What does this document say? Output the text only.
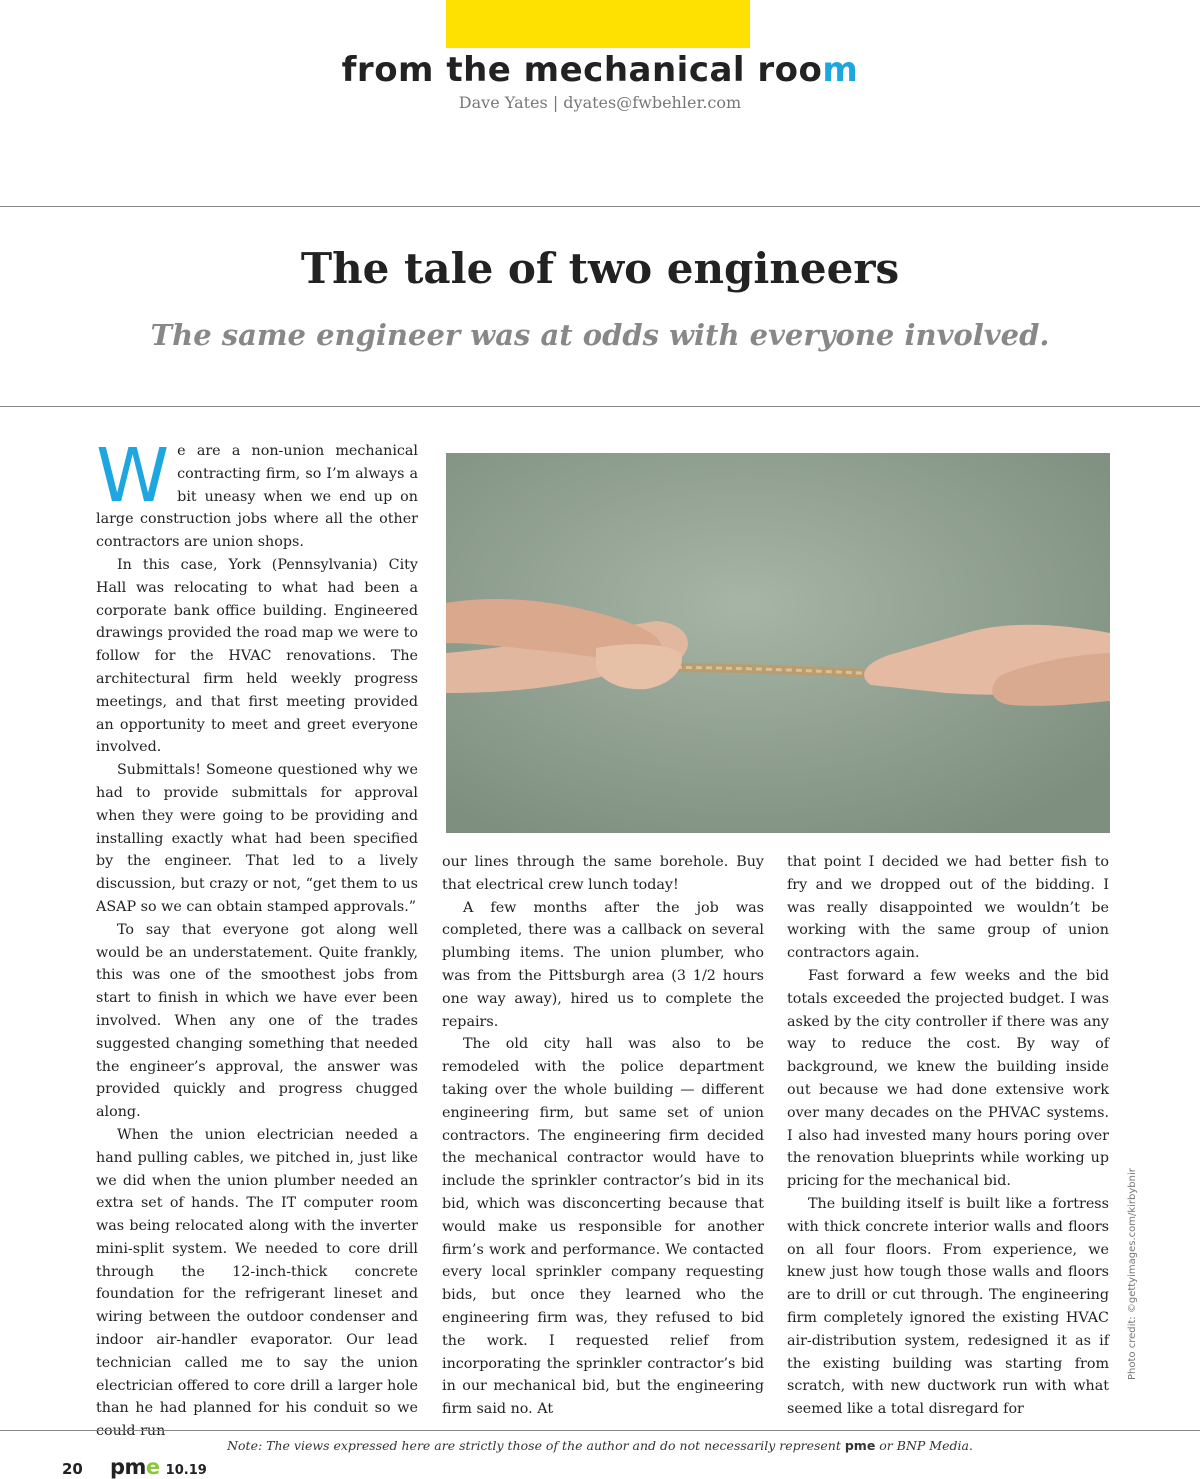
from the mechanical room
Dave Yates | dyates@fwbehler.com
The tale of two engineers
The same engineer was at odds with everyone involved.

We are a non-union mechanical contracting firm, so I’m always a bit uneasy when we end up on large construction jobs where all the other contractors are union shops.

In this case, York (Pennsylvania) City Hall was relocating to what had been a corporate bank office building. Engineered drawings provided the road map we were to follow for the HVAC renovations. The architectural firm held weekly progress meetings, and that first meeting provided an opportunity to meet and greet everyone involved.

Submittals! Someone questioned why we had to provide submittals for approval when they were going to be providing and installing exactly what had been specified by the engineer. That led to a lively discussion, but crazy or not, “get them to us ASAP so we can obtain stamped approvals.”

To say that everyone got along well would be an understatement. Quite frankly, this was one of the smoothest jobs from start to finish in which we have ever been involved. When any one of the trades suggested changing something that needed the engineer’s approval, the answer was provided quickly and progress chugged along.

When the union electrician needed a hand pulling cables, we pitched in, just like we did when the union plumber needed an extra set of hands. The IT computer room was being relocated along with the inverter mini-split system. We needed to core drill through the 12-inch-thick concrete foundation for the refrigerant lineset and wiring between the outdoor condenser and indoor air-handler evaporator. Our lead technician called me to say the union electrician offered to core drill a larger hole than he had planned for his conduit so we could run

our lines through the same borehole. Buy that electrical crew lunch today!

A few months after the job was completed, there was a callback on several plumbing items. The union plumber, who was from the Pittsburgh area (3 1/2 hours one way away), hired us to complete the repairs.

The old city hall was also to be remodeled with the police department taking over the whole building — different engineering firm, but same set of union contractors. The engineering firm decided the mechanical contractor would have to include the sprinkler contractor’s bid in its bid, which was disconcerting because that would make us responsible for another firm’s work and performance. We contacted every local sprinkler company requesting bids, but once they learned who the engineering firm was, they refused to bid the work. I requested relief from incorporating the sprinkler contractor’s bid in our mechanical bid, but the engineering firm said no. At

that point I decided we had better fish to fry and we dropped out of the bidding. I was really disappointed we wouldn’t be working with the same group of union contractors again.

Fast forward a few weeks and the bid totals exceeded the projected budget. I was asked by the city controller if there was any way to reduce the cost. By way of background, we knew the building inside out because we had done extensive work over many decades on the PHVAC systems. I also had invested many hours poring over the renovation blueprints while working up pricing for the mechanical bid.

The building itself is built like a fortress with thick concrete interior walls and floors on all four floors. From experience, we knew just how tough those walls and floors are to drill or cut through. The engineering firm completely ignored the existing HVAC air-distribution system, redesigned it as if the existing building was starting from scratch, with new ductwork run with what seemed like a total disregard for

Photo credit: ©gettyimages.com/kirbybnir
Note: The views expressed here are strictly those of the author and do not necessarily represent pme or BNP Media.
20	pme 10.19
